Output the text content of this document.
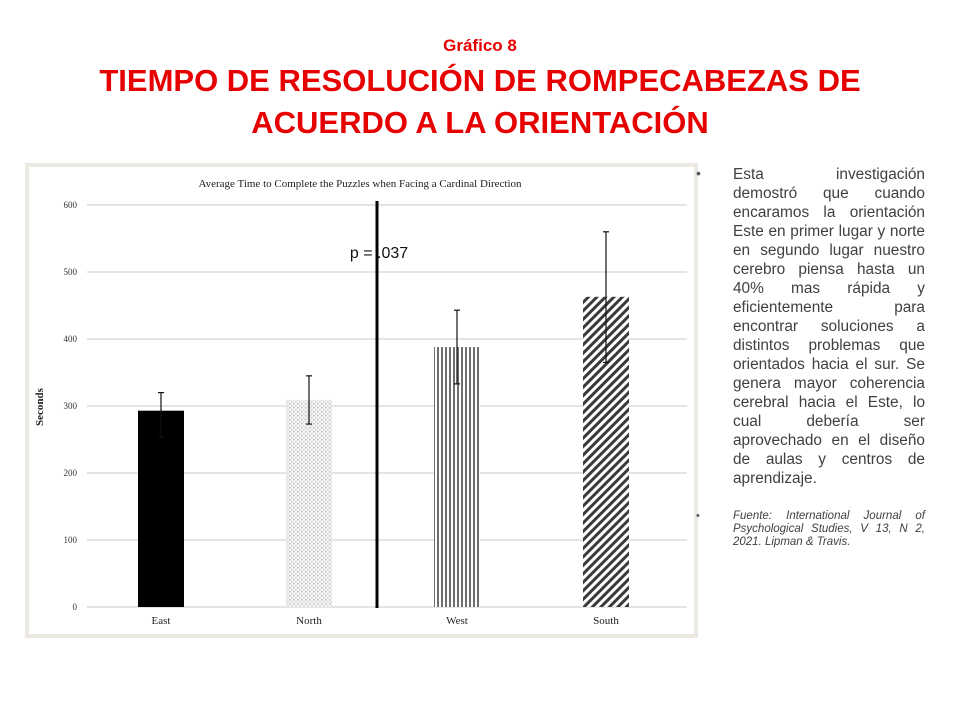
Gráfico 8
TIEMPO DE RESOLUCIÓN DE ROMPECABEZAS DE ACUERDO A LA ORIENTACIÓN
Average Time to Complete the Puzzles when Facing a Cardinal Direction
Seconds
p = .037
0
100
200
300
400
500
600
East	North	West	South
• Esta investigación demostró que cuando encaramos la orientación Este en primer lugar y norte en segundo lugar nuestro cerebro piensa hasta un 40% mas rápida y eficientemente para encontrar soluciones a distintos problemas que orientados hacia el sur. Se genera mayor coherencia cerebral hacia el Este, lo cual debería ser aprovechado en el diseño de aulas y centros de aprendizaje.
•	Fuente: International Journal of Psychological Studies, V 13, N 2, 2021. Lipman & Travis.
